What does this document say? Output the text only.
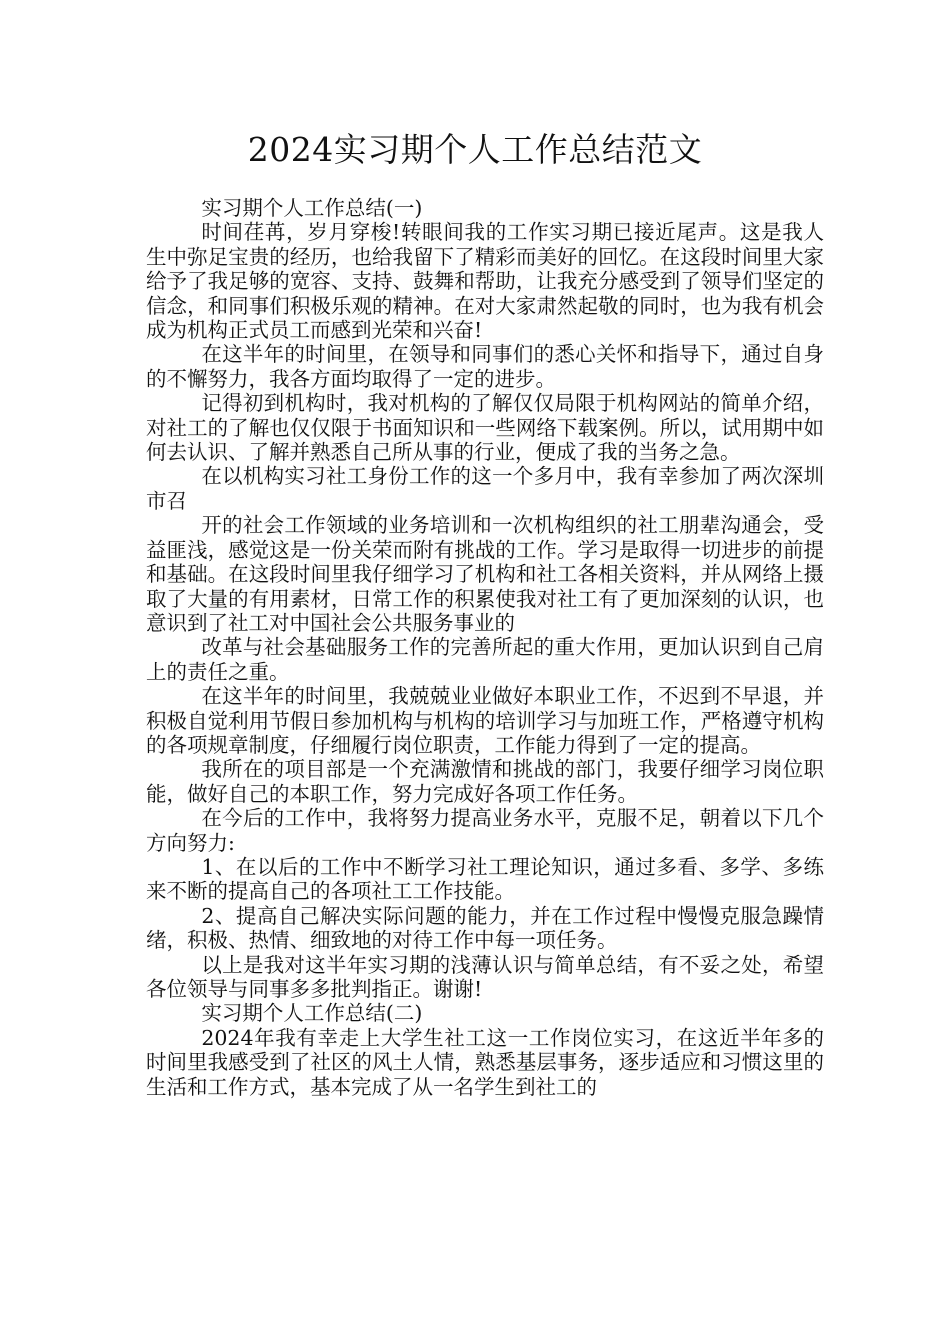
2024实习期个人工作总结范文

实习期个人工作总结(一)

时间荏苒，岁月穿梭!转眼间我的工作实习期已接近尾声。这是我人生中弥足宝贵的经历，也给我留下了精彩而美好的回忆。在这段时间里大家给予了我足够的宽容、支持、鼓舞和帮助，让我充分感受到了领导们坚定的信念，和同事们积极乐观的精神。在对大家肃然起敬的同时，也为我有机会成为机构正式员工而感到光荣和兴奋!

在这半年的时间里，在领导和同事们的悉心关怀和指导下，通过自身的不懈努力，我各方面均取得了一定的进步。

记得初到机构时，我对机构的了解仅仅局限于机构网站的简单介绍，对社工的了解也仅仅限于书面知识和一些网络下载案例。所以，试用期中如何去认识、了解并熟悉自己所从事的行业，便成了我的当务之急。

在以机构实习社工身份工作的这一个多月中，我有幸参加了两次深圳市召

开的社会工作领域的业务培训和一次机构组织的社工朋辈沟通会，受益匪浅，感觉这是一份关荣而附有挑战的工作。学习是取得一切进步的前提和基础。在这段时间里我仔细学习了机构和社工各相关资料，并从网络上摄取了大量的有用素材，日常工作的积累使我对社工有了更加深刻的认识，也意识到了社工对中国社会公共服务事业的

改革与社会基础服务工作的完善所起的重大作用，更加认识到自己肩上的责任之重。

在这半年的时间里，我兢兢业业做好本职业工作，不迟到不早退，并积极自觉利用节假日参加机构与机构的培训学习与加班工作，严格遵守机构的各项规章制度，仔细履行岗位职责，工作能力得到了一定的提高。

我所在的项目部是一个充满激情和挑战的部门，我要仔细学习岗位职能，做好自己的本职工作，努力完成好各项工作任务。

在今后的工作中，我将努力提高业务水平，克服不足，朝着以下几个方向努力:

1、在以后的工作中不断学习社工理论知识，通过多看、多学、多练来不断的提高自己的各项社工工作技能。

2、提高自己解决实际问题的能力，并在工作过程中慢慢克服急躁情绪，积极、热情、细致地的对待工作中每一项任务。

以上是我对这半年实习期的浅薄认识与简单总结，有不妥之处，希望各位领导与同事多多批判指正。谢谢!

实习期个人工作总结(二)

2024年我有幸走上大学生社工这一工作岗位实习，在这近半年多的时间里我感受到了社区的风土人情，熟悉基层事务，逐步适应和习惯这里的生活和工作方式，基本完成了从一名学生到社工的
